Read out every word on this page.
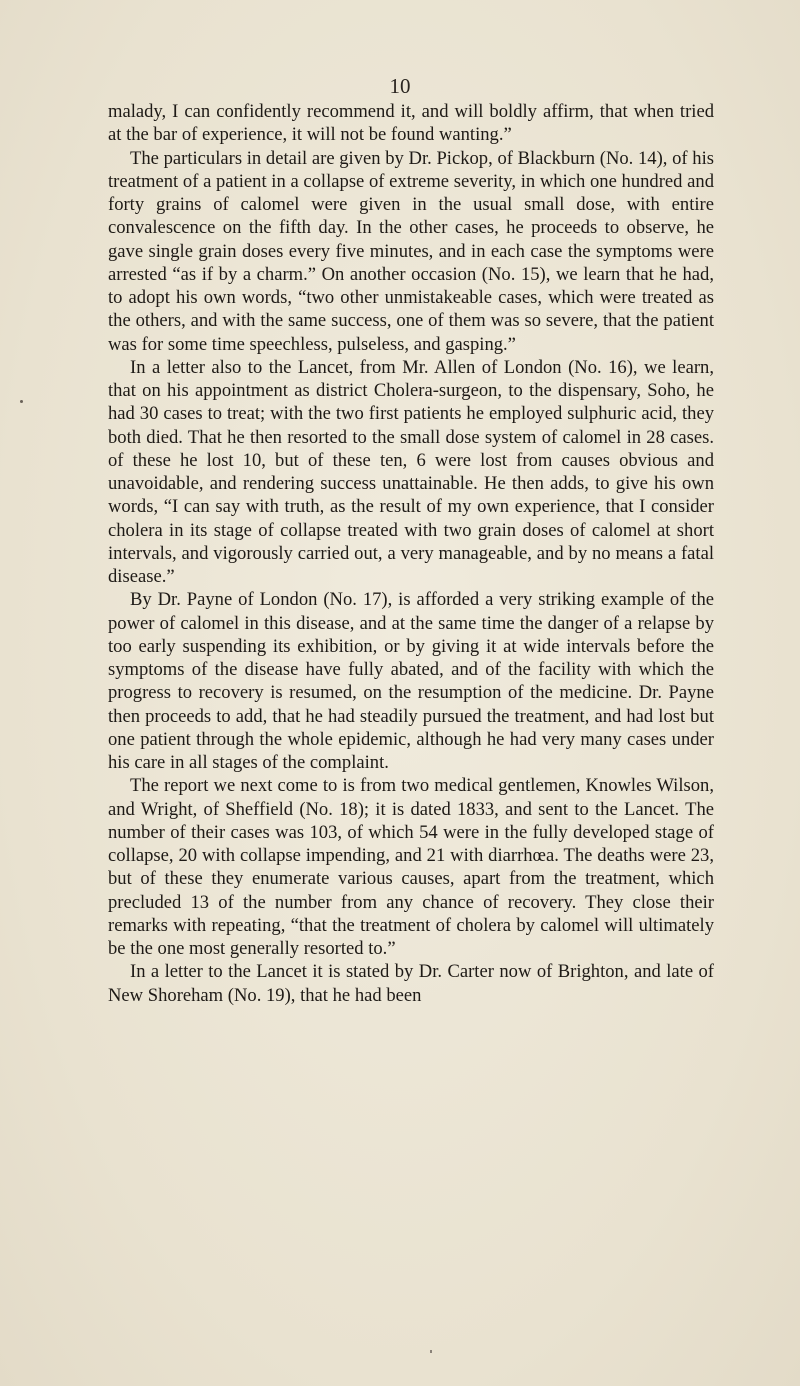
10

malady, I can confidently recommend it, and will boldly affirm, that when tried at the bar of experience, it will not be found wanting.”

The particulars in detail are given by Dr. Pickop, of Blackburn (No. 14), of his treatment of a patient in a collapse of extreme severity, in which one hundred and forty grains of calomel were given in the usual small dose, with entire convalescence on the fifth day. In the other cases, he proceeds to observe, he gave single grain doses every five minutes, and in each case the symptoms were arrested “as if by a charm.” On another occasion (No. 15), we learn that he had, to adopt his own words, “two other unmistakeable cases, which were treated as the others, and with the same success, one of them was so severe, that the patient was for some time speechless, pulseless, and gasping.”

In a letter also to the Lancet, from Mr. Allen of London (No. 16), we learn, that on his appointment as district Cholera-surgeon, to the dispensary, Soho, he had 30 cases to treat; with the two first patients he employed sulphuric acid, they both died. That he then resorted to the small dose system of calomel in 28 cases. of these he lost 10, but of these ten, 6 were lost from causes obvious and unavoidable, and rendering success unattainable. He then adds, to give his own words, “I can say with truth, as the result of my own experience, that I consider cholera in its stage of collapse treated with two grain doses of calomel at short intervals, and vigorously carried out, a very manageable, and by no means a fatal disease.”

By Dr. Payne of London (No. 17), is afforded a very striking example of the power of calomel in this disease, and at the same time the danger of a relapse by too early suspending its exhibition, or by giving it at wide intervals before the symptoms of the disease have fully abated, and of the facility with which the progress to recovery is resumed, on the resumption of the medicine. Dr. Payne then proceeds to add, that he had steadily pursued the treatment, and had lost but one patient through the whole epidemic, although he had very many cases under his care in all stages of the complaint.

The report we next come to is from two medical gentlemen, Knowles Wilson, and Wright, of Sheffield (No. 18); it is dated 1833, and sent to the Lancet. The number of their cases was 103, of which 54 were in the fully developed stage of collapse, 20 with collapse impending, and 21 with diarrhœa. The deaths were 23, but of these they enumerate various causes, apart from the treatment, which precluded 13 of the number from any chance of recovery. They close their remarks with repeating, “that the treatment of cholera by calomel will ultimately be the one most generally resorted to.”

In a letter to the Lancet it is stated by Dr. Carter now of Brighton, and late of New Shoreham (No. 19), that he had been
